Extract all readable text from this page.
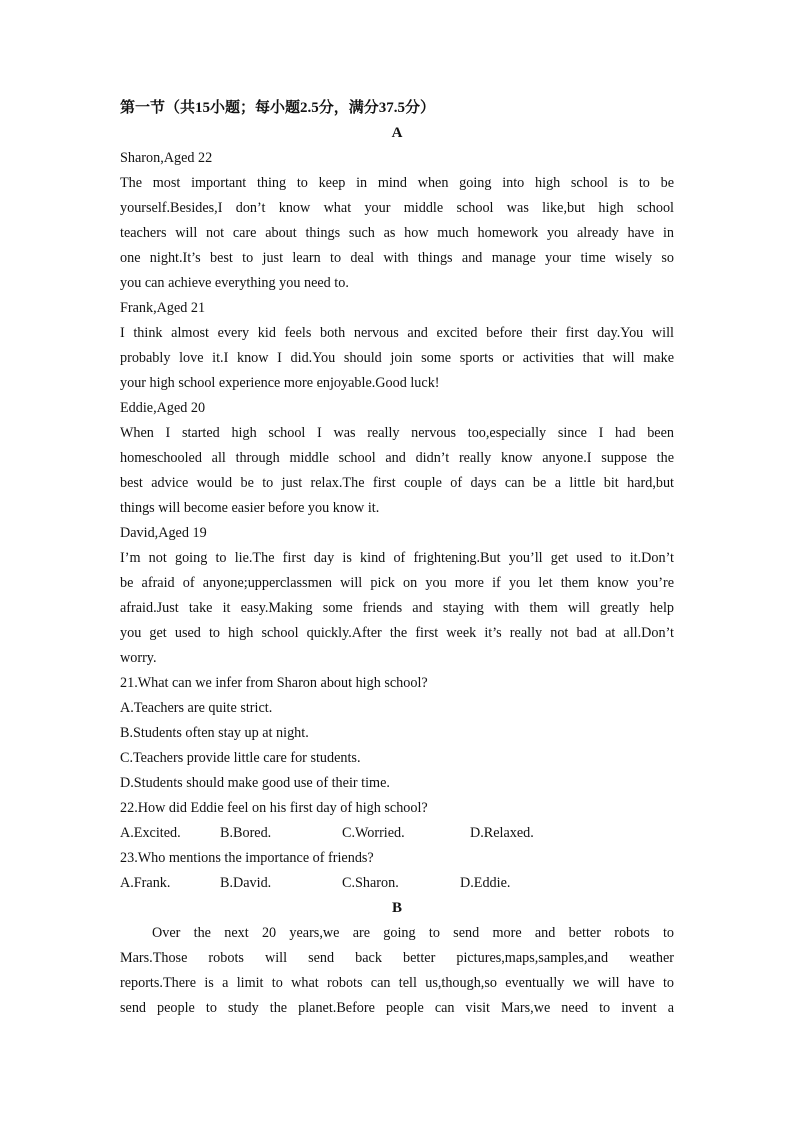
第一节（共15小题；每小题2.5分，满分37.5分）
A
Sharon,Aged 22
The most important thing to keep in mind when going into high school is to be
yourself.Besides,I don’t know what your middle school was like,but high school
teachers will not care about things such as how much homework you already have in
one night.It’s best to just learn to deal with things and manage your time wisely so
you can achieve everything you need to.
Frank,Aged 21
I think almost every kid feels both nervous and excited before their first day.You will
probably love it.I know I did.You should join some sports or activities that will make
your high school experience more enjoyable.Good luck!
Eddie,Aged 20
When I started high school I was really nervous too,especially since I had been
homeschooled all through middle school and didn’t really know anyone.I suppose the
best advice would be to just relax.The first couple of days can be a little bit hard,but
things will become easier before you know it.
David,Aged 19
I’m not going to lie.The first day is kind of frightening.But you’ll get used to it.Don’t
be afraid of anyone;upperclassmen will pick on you more if you let them know you’re
afraid.Just take it easy.Making some friends and staying with them will greatly help
you get used to high school quickly.After the first week it’s really not bad at all.Don’t
worry.
21.What can we infer from Sharon about high school?
A.Teachers are quite strict.
B.Students often stay up at night.
C.Teachers provide little care for students.
D.Students should make good use of their time.
22.How did Eddie feel on his first day of high school?
A.Excited.	B.Bored.	C.Worried.	D.Relaxed.
23.Who mentions the importance of friends?
A.Frank.	B.David.	C.Sharon.	D.Eddie.
B
Over the next 20 years,we are going to send more and better robots to
Mars.Those robots will send back better pictures,maps,samples,and weather
reports.There is a limit to what robots can tell us,though,so eventually we will have to
send people to study the planet.Before people can visit Mars,we need to invent a
